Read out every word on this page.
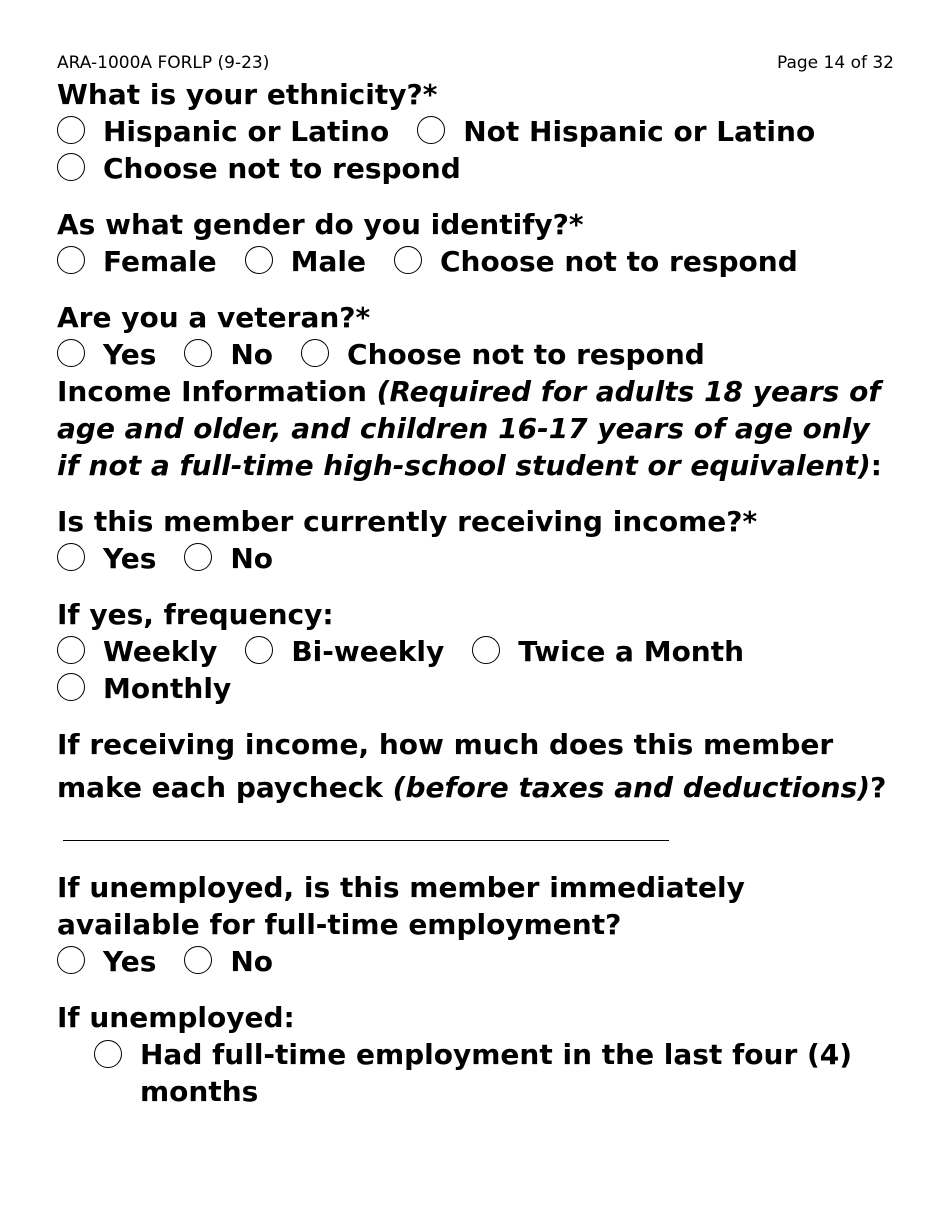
ARA-1000A FORLP (9-23)	Page 14 of 32
What is your ethnicity?*
Hispanic or Latino	Not Hispanic or Latino
Choose not to respond
As what gender do you identify?*
Female	Male	Choose not to respond
Are you a veteran?*
Yes	No	Choose not to respond
Income Information (Required for adults 18 years of age and older, and children 16-17 years of age only if not a full-time high-school student or equivalent):
Is this member currently receiving income?*
Yes	No
If yes, frequency:
Weekly	Bi-weekly	Twice a Month
Monthly
If receiving income, how much does this member make each paycheck (before taxes and deductions)?
If unemployed, is this member immediately available for full-time employment?
Yes	No
If unemployed:
Had full-time employment in the last four (4) months
